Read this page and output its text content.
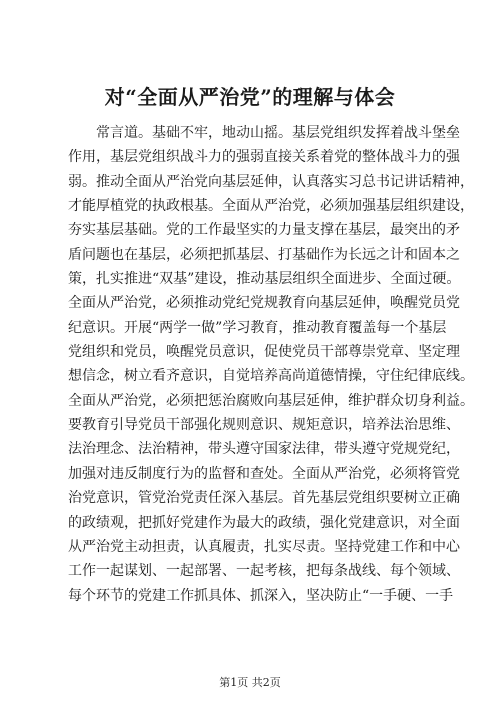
对“全面从严治党”的理解与体会
常言道。基础不牢，地动山摇。基层党组织发挥着战斗堡垒
作用，基层党组织战斗力的强弱直接关系着党的整体战斗力的强
弱。推动全面从严治党向基层延伸，认真落实习总书记讲话精神，
才能厚植党的执政根基。全面从严治党，必须加强基层组织建设，
夯实基层基础。党的工作最坚实的力量支撑在基层，最突出的矛
盾问题也在基层，必须把抓基层、打基础作为长远之计和固本之
策，扎实推进“双基”建设，推动基层组织全面进步、全面过硬。
全面从严治党，必须推动党纪党规教育向基层延伸，唤醒党员党
纪意识。开展“两学一做”学习教育，推动教育覆盖每一个基层
党组织和党员，唤醒党员意识，促使党员干部尊崇党章、坚定理
想信念，树立看齐意识，自觉培养高尚道德情操，守住纪律底线。
全面从严治党，必须把惩治腐败向基层延伸，维护群众切身利益。
要教育引导党员干部强化规则意识、规矩意识，培养法治思维、
法治理念、法治精神，带头遵守国家法律，带头遵守党规党纪，
加强对违反制度行为的监督和查处。全面从严治党，必须将管党
治党意识，管党治党责任深入基层。首先基层党组织要树立正确
的政绩观，把抓好党建作为最大的政绩，强化党建意识，对全面
从严治党主动担责，认真履责，扎实尽责。坚持党建工作和中心
工作一起谋划、一起部署、一起考核，把每条战线、每个领域、
每个环节的党建工作抓具体、抓深入，坚决防止“一手硬、一手
第1页 共2页
